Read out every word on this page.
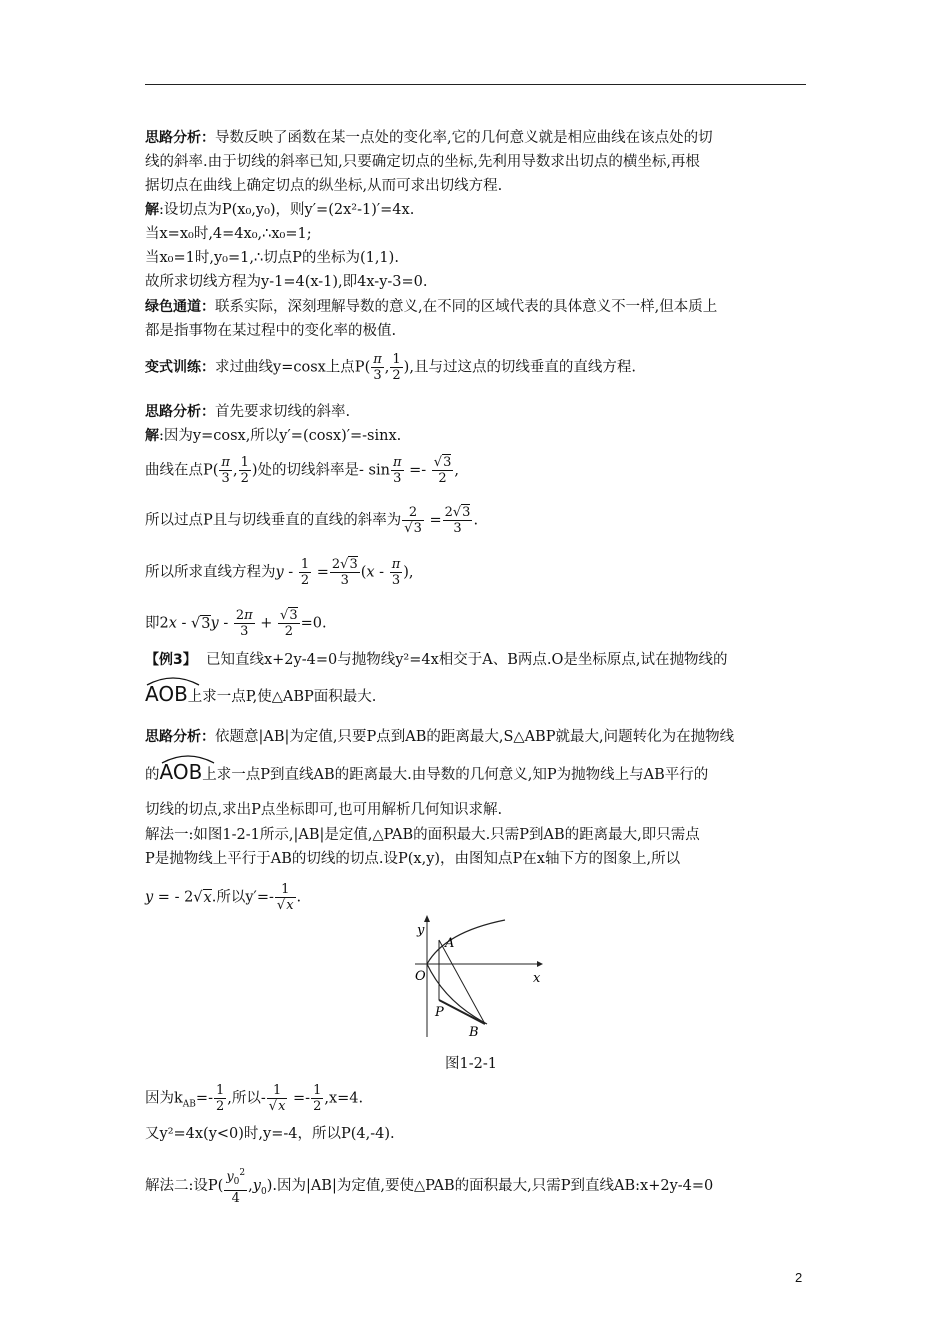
思路分析：导数反映了函数在某一点处的变化率,它的几何意义就是相应曲线在该点处的切
线的斜率.由于切线的斜率已知,只要确定切点的坐标,先利用导数求出切点的横坐标,再根
据切点在曲线上确定切点的纵坐标,从而可求出切线方程.
解:设切点为P(x₀,y₀)，则y′=(2x²-1)′=4x.
当x=x₀时,4=4x₀,∴x₀=1;
当x₀=1时,y₀=1,∴切点P的坐标为(1,1).
故所求切线方程为y-1=4(x-1),即4x-y-3=0.
绿色通道：联系实际，深刻理解导数的意义,在不同的区域代表的具体意义不一样,但本质上
都是指事物在某过程中的变化率的极值.
变式训练：求过曲线y=cosx上点$P( \frac{\pi}{3}$ , $\frac{1}{2}$ ),且与过这点的切线垂直的直线方程.
思路分析：首先要求切线的斜率.
解:因为y=cosx,所以y′=(cosx)′=-sinx.
曲线在点$P( \frac{\pi}{3}$ , $\frac{1}{2}$ )处的切线斜率是- $\sin \frac{\pi}{3} =- \frac{√3}{2}$ ,
所以过点P且与切线垂直的直线的斜率为 $\frac{2}{√3} = \frac{2√3}{3}$ .
所以所求直线方程为$y - \frac{1}{2} = \frac{2√3}{3} (x - \frac{\pi}{3}$ ),
即$2x - √3y - \frac{2\pi}{3} + \frac{√3}{2} =0$.
【例3】 已知直线x+2y-4=0与抛物线y²=4x相交于A、B两点.O是坐标原点,试在抛物线的
AOB上求一点P,使△ABP面积最大.
思路分析：依题意|AB|为定值,只要P点到AB的距离最大,S△ABP就最大,问题转化为在抛物线
的
AOB上求一点P到直线AB的距离最大.由导数的几何意义,知P为抛物线上与AB平行的
切线的切点,求出P点坐标即可,也可用解析几何知识求解.
解法一:如图1-2-1所示,|AB|是定值,△PAB的面积最大.只需P到AB的距离最大,即只需点
P是抛物线上平行于AB的切线的切点.设P(x,y)，由图知点P在x轴下方的图象上,所以
y = - 2√x.所以$y'=- \frac{1}{√x}$ .
y
x
O
A
P
B
图1-2-1
因为$k_{AB}=- \frac{1}{2}$ ,所以- $\frac{1}{√x} =- \frac{1}{2} ,x=4$.
又y²=4x(y<0)时,y=-4，所以P(4,-4).
解法二:设$P( \frac{y_0^2}{4} ,y_0)$.因为|AB|为定值,要使△PAB的面积最大,只需P到直线AB:x+2y-4=0
2
